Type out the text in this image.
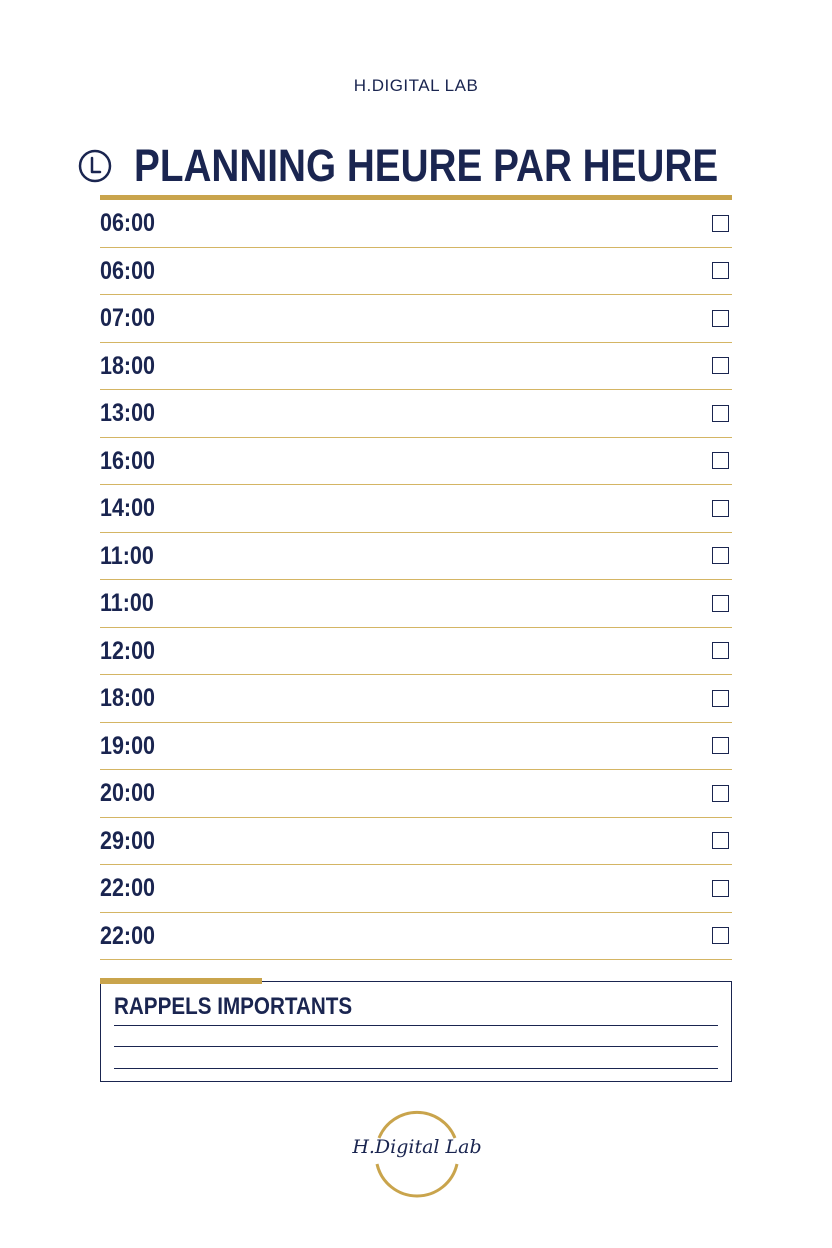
H.DIGITAL LAB
PLANNING HEURE PAR HEURE
06:00
06:00
07:00
18:00
13:00
16:00
14:00
11:00
11:00
12:00
18:00
19:00
20:00
29:00
22:00
22:00
RAPPELS IMPORTANTS
H.Digital Lab
